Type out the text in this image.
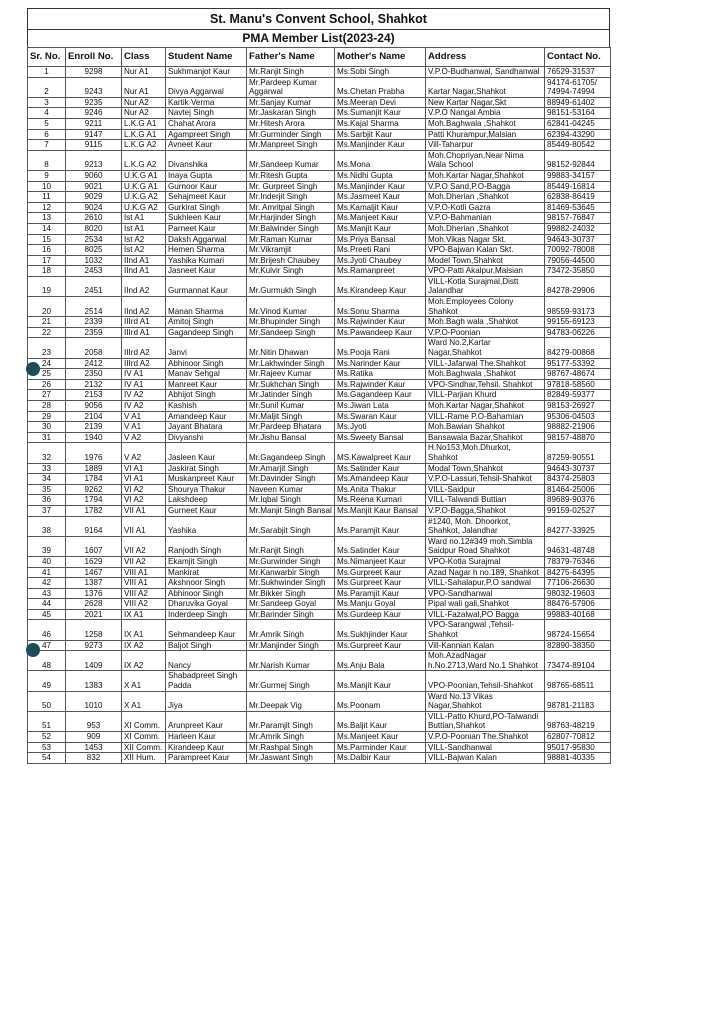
St. Manu's Convent School, Shahkot
PMA Member List(2023-24)
Sr. No.	Enroll No.	Class	Student Name	Father's Name	Mother's Name	Address	Contact No.
1	9298	Nur A1	Sukhmanjot Kaur	Mr.Ranjit Singh	Ms.Sobi Singh	V.P.O-Budhanwal, Sandhanwal	76529-31537
2	9243	Nur A1	Divya Aggarwal	Mr.Pardeep Kumar Aggarwal	Ms.Chetan Prabha	Kartar Nagar,Shahkot	94174-61705/ 74994-74994
3	9235	Nur A2	Kartik Verma	Mr.Sanjay Kumar	Ms.Meeran Devi	New Kartar Nagar,Skt	88949-61402
4	9246	Nur A2	Navtej Singh	Mr.Jaskaran Singh	Ms.Sumanjit Kaur	V.P.O Nangal Ambia	98151-53164
5	9211	L.K.G A1	Chahat Arora	Mr.Hitesh Arora	Ms.Kajal Sharma	Moh.Baghwala ,Shahkot	62841-04245
6	9147	L.K.G A1	Agampreet Singh	Mr.Gurminder Singh	Ms.Sarbjit Kaur	Patti Khurampur,Malsian	62394-43290
7	9115	L.K.G A2	Avneet Kaur	Mr.Manpreet Singh	Ms.Manjinder Kaur	Vill-Taharpur	85449-80542
8	9213	L.K.G A2	Divanshika	Mr.Sandeep Kumar	Ms.Mona	Moh.Chopriyan,Near Nima Wala School	98152-92844
9	9060	U.K.G A1	Inaya Gupta	Mr.Ritesh Gupta	Ms.Nidhi Gupta	Moh.Kartar Nagar,Shahkot	99883-34157
10	9021	U.K.G A1	Gurnoor Kaur	Mr. Gurpreet Singh	Ms.Manjinder Kaur	V.P.O Sand,P.O-Bagga	85449-16814
11	9029	U.K.G A2	Sehajmeet Kaur	Mr.Inderjit Singh	Ms.Jasmeet Kaur	Moh.Dherian ,Shahkot	62838-86419
12	9024	U.K.G A2	Gurkirat Singh	Mr. Amritpal Singh	Ms.Kamaljit Kaur	V.P.O-Kotli Gazra	81469-53645
13	2610	Ist A1	Sukhleen Kaur	Mr.Harjinder Singh	Ms.Manjeet Kaur	V.P.O-Bahmanian	98157-76847
14	8020	Ist A1	Parneet Kaur	Mr.Balwinder Singh	Ms.Manjit Kaur	Moh.Dherian ,Shahkot	99882-24032
15	2534	Ist A2	Daksh Aggarwal	Mr.Raman Kumar	Ms.Priya Bansal	Moh.Vikas Nagar Skt.	94643-30737
16	8025	Ist A2	Hemen Sharma	Mr.Vikramjit	Ms.Preeti Rani	VPO-Bajwan Kalan Skt.	70092-78008
17	1032	IInd A1	Yashika Kumari	Mr.Brijesh Chaubey	Ms.Jyoti Chaubey	Model Town,Shahkot	79056-44500
18	2453	IInd A1	Jasneet Kaur	Mr.Kulvir Singh	Ms.Ramanpreet	VPO-Patti Akalpur,Malsian	73472-35850
19	2451	IInd A2	Gurmannat Kaur	Mr.Gurmukh Singh	Ms.Kirandeep Kaur	VILL-Kotla Surajmal,Distt Jalandhar	84278-29906
20	2514	IInd A2	Manan Sharma	Mr.Vinod Kumar	Ms.Sonu Sharma	Moh.Employees Colony Shahkot	98559-93173
21	2339	IIIrd A1	Amitoj Singh	Mr.Bhupinder Singh	Ms.Rajwinder Kaur	Moh.Bagh wala ,Shahkot	99155-69123
22	2359	IIIrd A1	Gagandeep Singh	Mr.Sandeep Singh	Ms.Pawandeep Kaur	V.P.O-Poonian	94783-06226
23	2058	IIIrd A2	Janvi	Mr.Nitin Dhawan	Ms.Pooja Rani	Ward No.2,Kartar Nagar,Shahkot	84279-00868
24	2412	IIIrd A2	Abhinoor Singh	Mr.Lakhwinder Singh	Ms.Narinder Kaur	VILL-Jafarwal The.Shahkot	95177-53392
25	2350	IV A1	Manav Sehgal	Mr.Rajeev Kumar	Ms.Ratika	Moh.Baghwala ,Shahkot	98767-48674
26	2132	IV A1	Manreet Kaur	Mr.Sukhchan Singh	Ms.Rajwinder Kaur	VPO-Sindhar,Tehsil. Shahkot	97818-58560
27	2153	IV A2	Abhijot Singh	Mr.Jatinder Singh	Ms.Gagandeep Kaur	VILL-Parjian Khurd	82849-59377
28	9056	IV A2	Kashish	Mr.Sunil Kumar	Ms.Jiwan Lata	Moh.Kartar Nagar,Shahkot	98153-26927
29	2104	V A1	Amandeep Kaur	Mr.Maljit Singh	Ms.Swaran Kaur	VILL-Rame P.O-Bahamian	95306-04503
30	2139	V A1	Jayant Bhatara	Mr.Pardeep Bhatara	Ms.Jyoti	Moh.Bawian Shahkot	98882-21906
31	1940	V A2	Divyanshi	Mr.Jishu Bansal	Ms.Sweety Bansal	Bansawala Bazar,Shahkot	98157-48870
32	1976	V A2	Jasleen Kaur	Mr.Gagandeep Singh	MS.Kawalpreet Kaur	H.No153,Moh.Dhurkot, Shahkot	87259-90551
33	1889	VI A1	Jaskirat Singh	Mr.Amarjit Singh	Ms.Satinder Kaur	Modal Town,Shahkot	94643-30737
34	1784	VI A1	Muskanpreet Kaur	Mr.Davinder Singh	Ms.Amandeep Kaur	V.P.O-Lassuri,Tehsil-Shahkot	84374-25803
35	9262	VI A2	Shourya Thakur	Naveen Kumar	Ms.Anita Thakur	VILL-Saidpur	81464-25006
36	1794	VI A2	Lakshdeep	Mr.Iqbal Singh	Ms.Reena Kumari	VILL-Talwandi Buttian	89689-90376
37	1782	VII A1	Gurneet Kaur	Mr.Manjit Singh Bansal	Ms.Manjit Kaur Bansal	V.P.O-Bagga,Shahkot	99159-02527
38	9164	VII A1	Yashika	Mr.Sarabjit Singh	Ms.Paramjit Kaur	#1240, Moh. Dhoorkot, Shahkot, Jalandhar	84277-33925
39	1607	VII A2	Ranjodh Singh	Mr.Ranjit Singh	Ms.Satinder Kaur	Ward no.12#349 moh.Simbla Saidpur Road Shahkot	94631-48748
40	1629	VII A2	Ekamjit Singh	Mr.Gurwinder Singh	Ms.Nimanjeet Kaur	VPO-Kotla Surajmal	78379-76346
41	1467	VIII A1	Mankirat	Mr.Kanwarbir Singh	Ms.Gurpreet Kaur	Azad Nagar h no.189, Shahkot	84275-64395
42	1387	VIII A1	Akshnoor Singh	Mr.Sukhwinder Singh	Ms.Gurpreet Kaur	VILL-Sahalapur,P.O sandwal	77106-26630
43	1376	VIII A2	Abhinoor Singh	Mr.Bikker Singh	Ms.Paramjit Kaur	VPO-Sandhanwal	98032-19603
44	2628	VIII A2	Dharuvika Goyal	Mr.Sandeep Goyal	Ms.Manju Goyal	Pipal wali gali,Shahkot	88476-57906
45	2021	IX A1	Inderdeep Singh	Mr.Barinder Singh	Ms.Gurdeep Kaur	VILL-Fazalwal,PO Bagga	99883-40168
46	1258	IX A1	Sehmandeep Kaur	Mr.Amrik Singh	Ms.Sukhjinder Kaur	VPO-Sarangwal ,Tehsil-Shahkot	98724-15654
47	9273	IX A2	Baljot Singh	Mr.Manjinder Singh	Ms.Gurpreet Kaur	Vill-Kannian Kalan	82890-38350
48	1409	IX A2	Nancy	Mr.Narish Kumar	Ms.Anju Bala	Moh.AzadNagar h.No.2713,Ward No.1 Shahkot	73474-89104
49	1383	X A1	Shabadpreet Singh Padda	Mr.Gurmej Singh	Ms.Manjit Kaur	VPO-Poonian,Tehsil-Shahkot	98765-68511
50	1010	X A1	Jiya	Mr.Deepak Vig	Ms.Poonam	Ward No.13 Vikas Nagar,Shahkot	98781-21183
51	953	XI Comm.	Arunpreet Kaur	Mr.Paramjit Singh	Ms.Baljit Kaur	VILL-Patto Khurd,PO-Talwandi Buttian,Shahkot	98763-48219
52	909	XI Comm.	Harleen Kaur	Mr.Amrik Singh	Ms.Manjeet Kaur	V.P.O-Poonian The.Shahkot	62807-70812
53	1453	XII Comm.	Kirandeep Kaur	Mr.Rashpal Singh	Ms.Parminder Kaur	VILL-Sandhanwal	95017-95830
54	832	XII Hum.	Parampreet Kaur	Mr.Jaswant Singh	Ms.Dalbir Kaur	VILL-Bajwan Kalan	98881-40335
